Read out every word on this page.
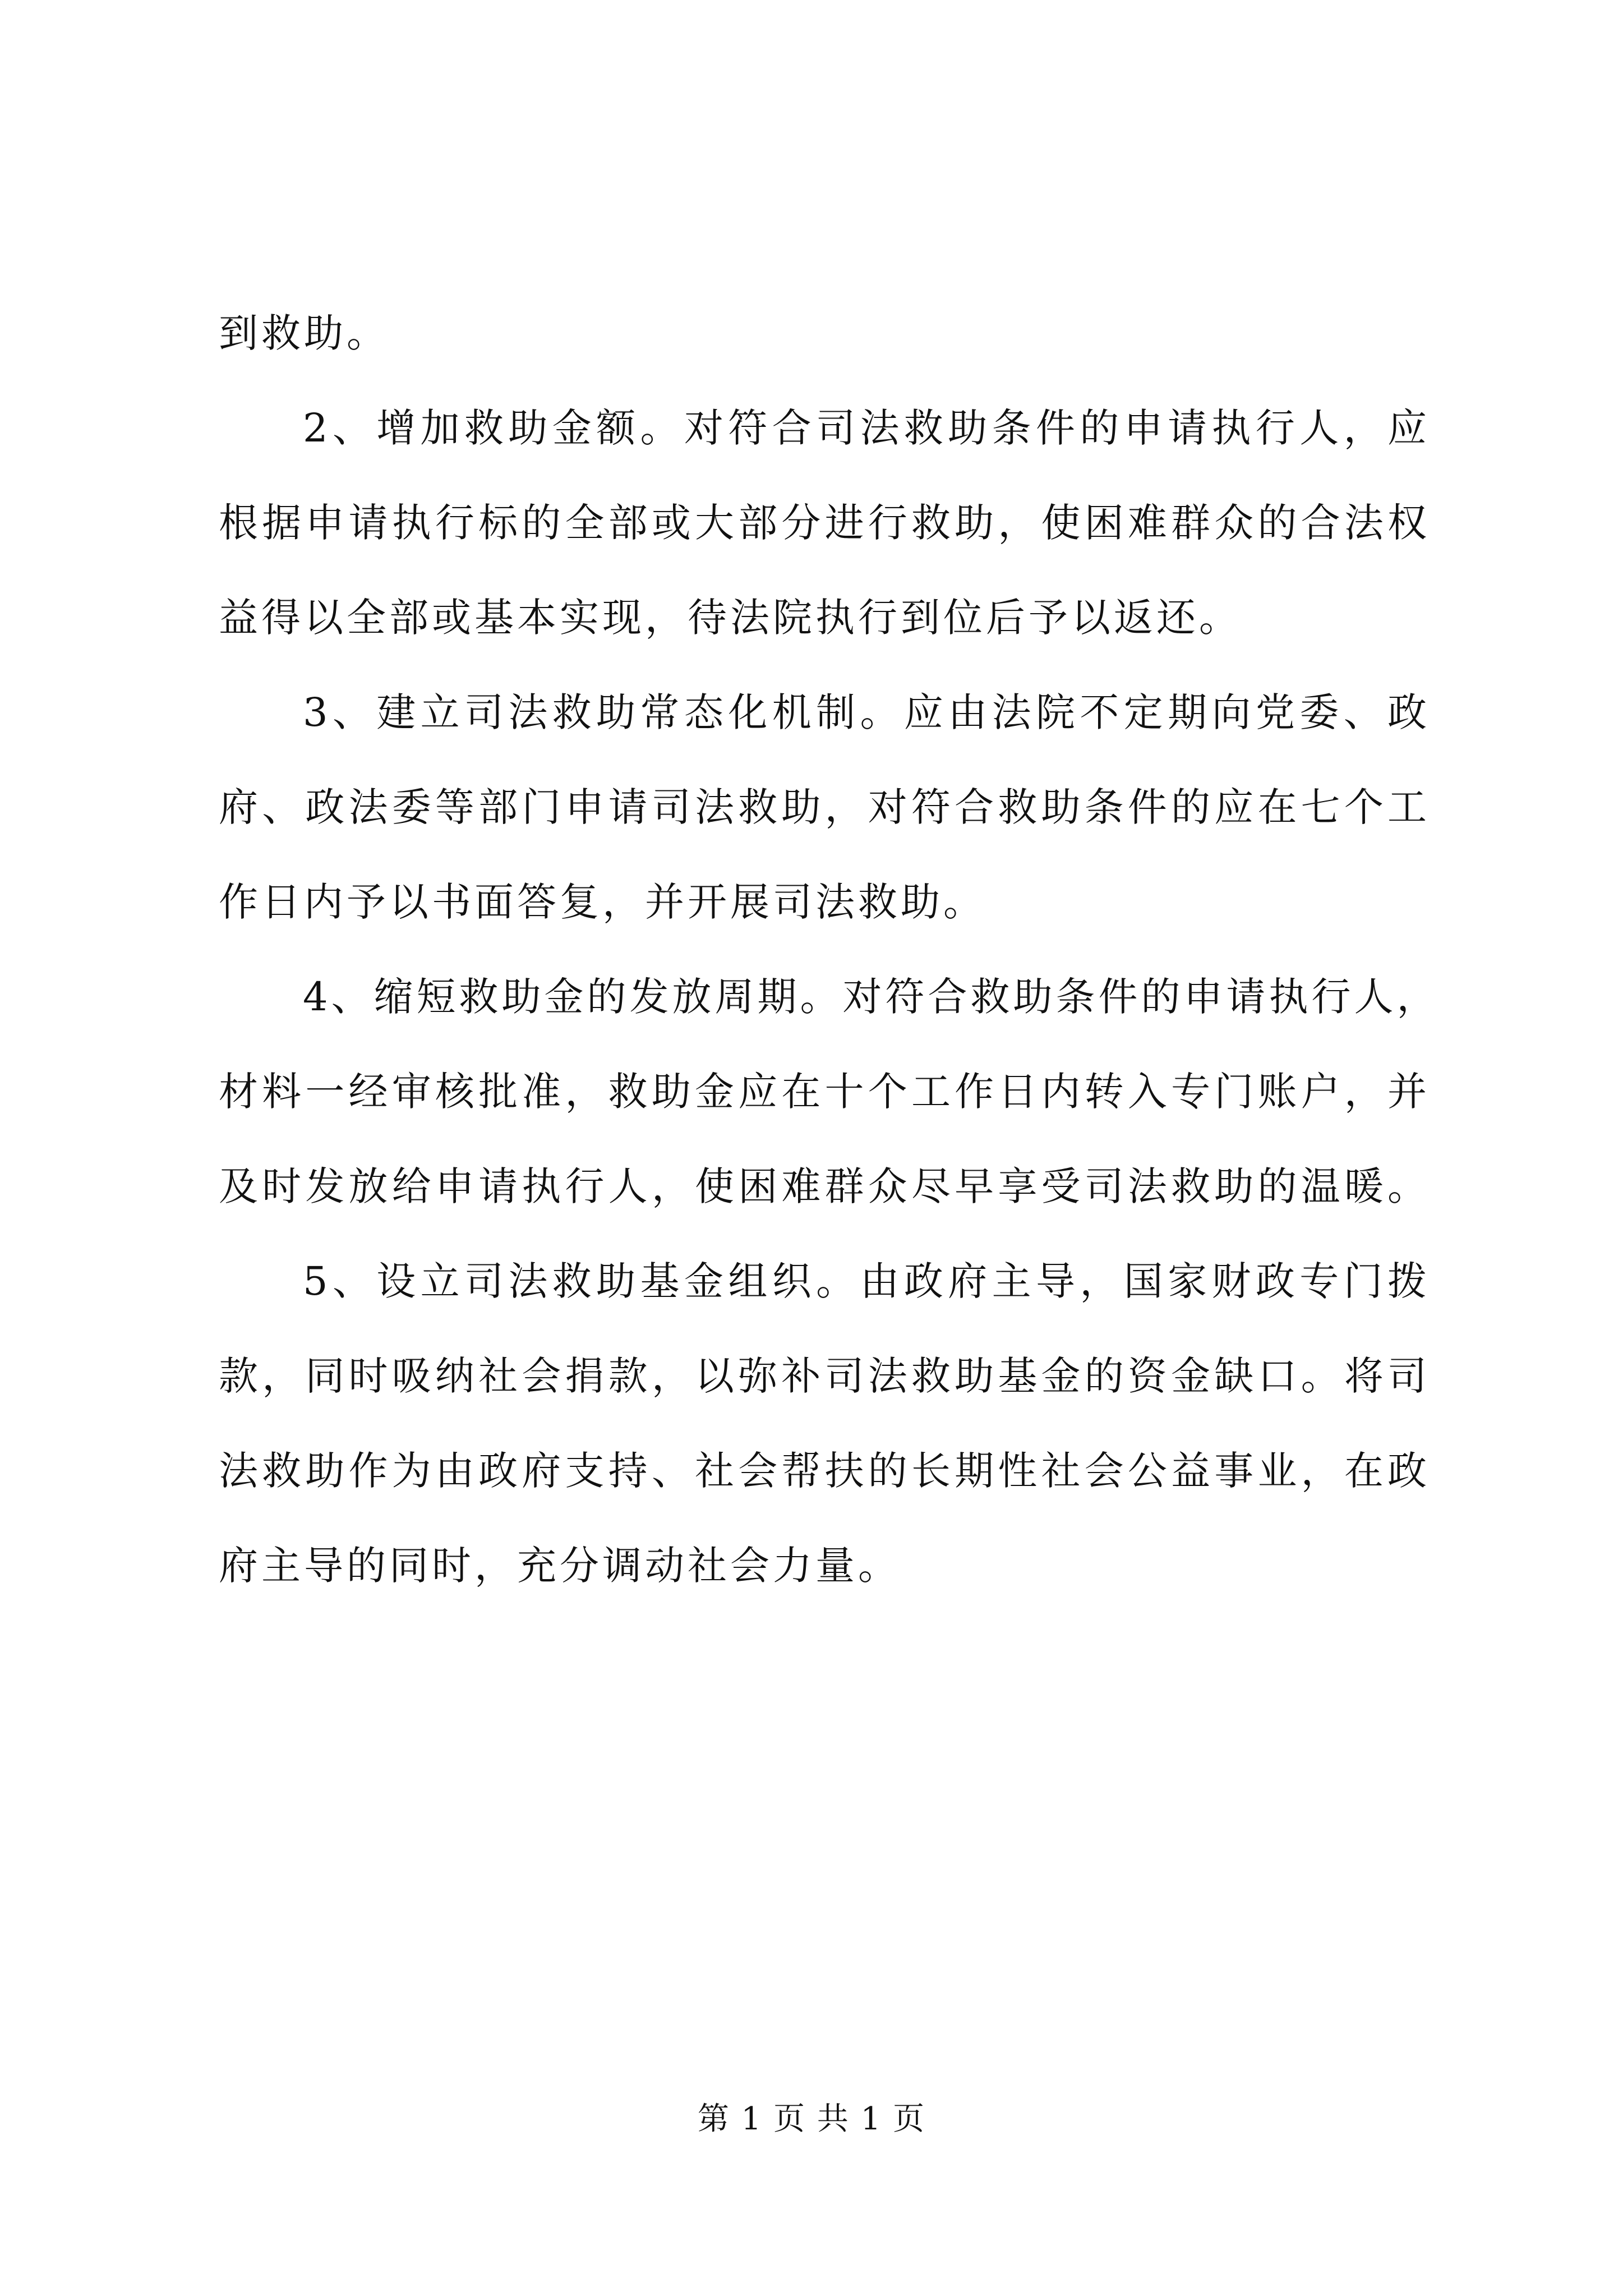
到救助。
2、增加救助金额。对符合司法救助条件的申请执行人，应
根据申请执行标的全部或大部分进行救助，使困难群众的合法权
益得以全部或基本实现，待法院执行到位后予以返还。
3、建立司法救助常态化机制。应由法院不定期向党委、政
府、政法委等部门申请司法救助，对符合救助条件的应在七个工
作日内予以书面答复，并开展司法救助。
4、缩短救助金的发放周期。对符合救助条件的申请执行人，
材料一经审核批准，救助金应在十个工作日内转入专门账户，并
及时发放给申请执行人，使困难群众尽早享受司法救助的温暖。
5、设立司法救助基金组织。由政府主导，国家财政专门拨
款，同时吸纳社会捐款，以弥补司法救助基金的资金缺口。将司
法救助作为由政府支持、社会帮扶的长期性社会公益事业，在政
府主导的同时，充分调动社会力量。
第 1 页 共 1 页
